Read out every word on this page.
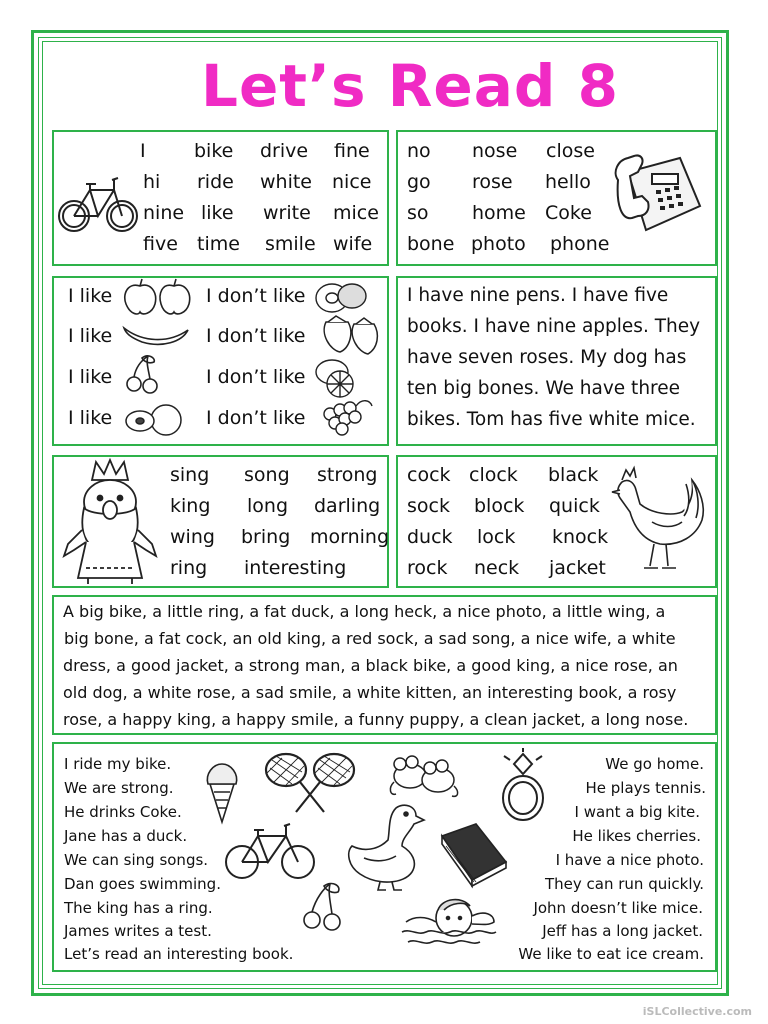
Let’s Read 8
I	bike drive fine
hi ride white nice
nine like write mice
five time smile wife
no nose close
go rose hello
so home Coke
bone photo phone
I like
I like
I like
I like
I don’t like
I don’t like
I don’t like
I don’t like
I have nine pens. I have five
books. I have nine apples. They
have seven roses. My dog has
ten big bones. We have three
bikes. Tom has five white mice.
sing song strong
king long darling
wing bring morning
ring interesting
cock clock black
sock block quick
duck lock knock
rock neck jacket
A big bike, a little ring, a fat duck, a long heck, a nice photo, a little wing, a
big bone, a fat cock, an old king, a red sock, a sad song, a nice wife, a white
dress, a good jacket, a strong man, a black bike, a good king, a nice rose, an
old dog, a white rose, a sad smile, a white kitten, an interesting book, a rosy
rose, a happy king, a happy smile, a funny puppy, a clean jacket, a long nose.
I ride my bike.
We are strong.
He drinks Coke.
Jane has a duck.
We can sing songs.
Dan goes swimming.
The king has a ring.
James writes a test.
Let’s read an interesting book.
We go home.
He plays tennis.
I want a big kite.
He likes cherries.
I have a nice photo.
They can run quickly.
John doesn’t like mice.
Jeff has a long jacket.
We like to eat ice cream.
iSLCollective.com
